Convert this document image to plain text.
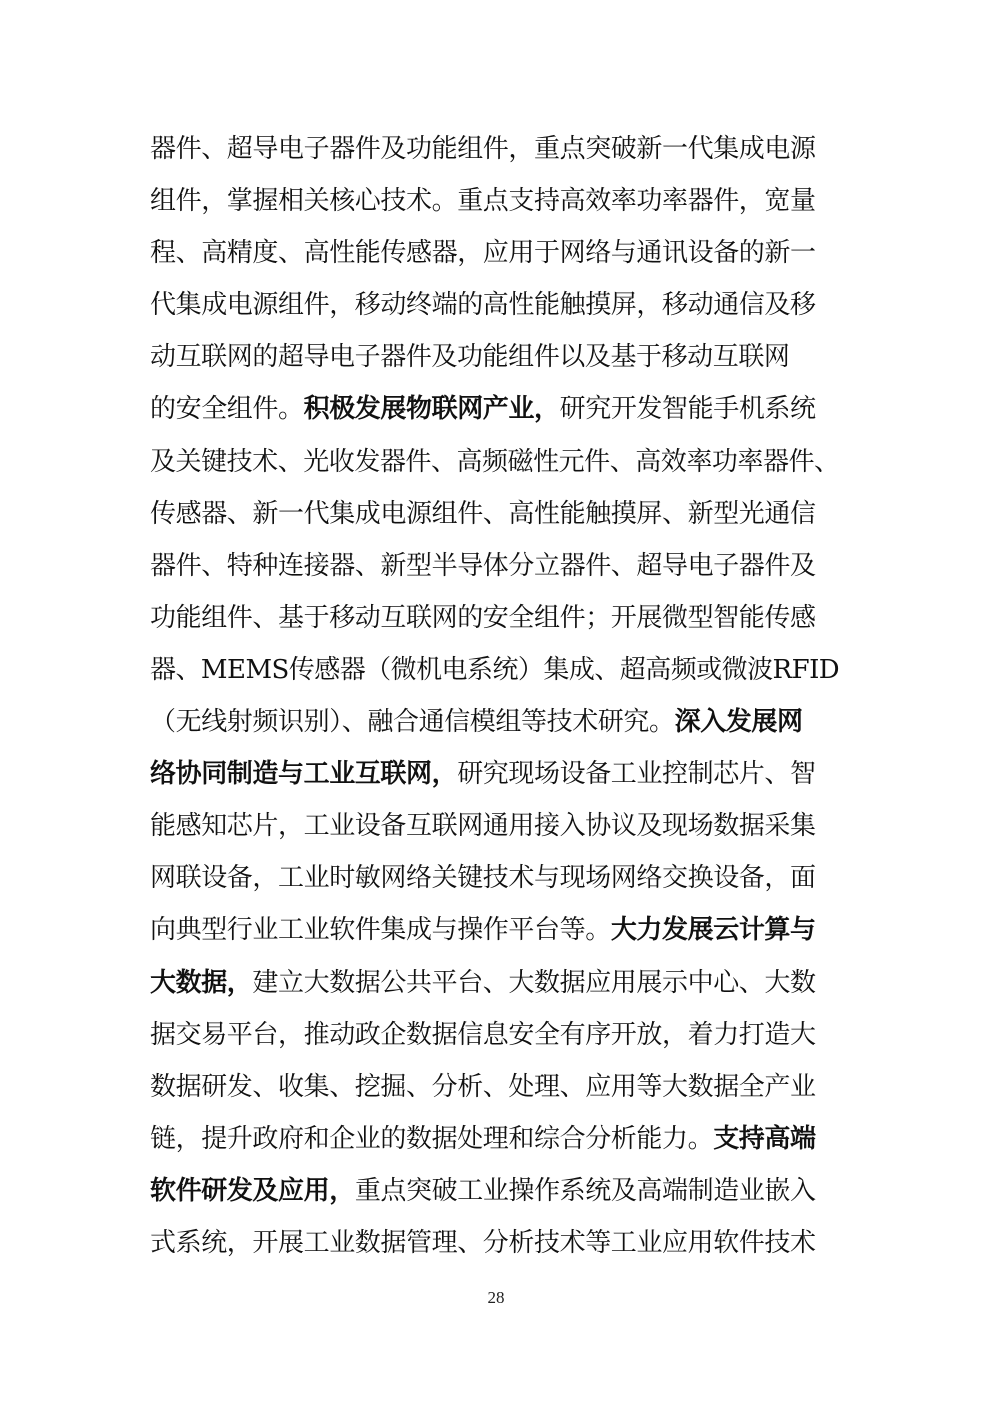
器件、超导电子器件及功能组件，重点突破新一代集成电源
组件，掌握相关核心技术。重点支持高效率功率器件，宽量
程、高精度、高性能传感器，应用于网络与通讯设备的新一
代集成电源组件，移动终端的高性能触摸屏，移动通信及移
动互联网的超导电子器件及功能组件以及基于移动互联网
的安全组件。积极发展物联网产业，研究开发智能手机系统
及关键技术、光收发器件、高频磁性元件、高效率功率器件、
传感器、新一代集成电源组件、高性能触摸屏、新型光通信
器件、特种连接器、新型半导体分立器件、超导电子器件及
功能组件、基于移动互联网的安全组件；开展微型智能传感
器、MEMS传感器（微机电系统）集成、超高频或微波RFID
（无线射频识别）、融合通信模组等技术研究。深入发展网
络协同制造与工业互联网，研究现场设备工业控制芯片、智
能感知芯片，工业设备互联网通用接入协议及现场数据采集
网联设备，工业时敏网络关键技术与现场网络交换设备，面
向典型行业工业软件集成与操作平台等。大力发展云计算与
大数据，建立大数据公共平台、大数据应用展示中心、大数
据交易平台，推动政企数据信息安全有序开放，着力打造大
数据研发、收集、挖掘、分析、处理、应用等大数据全产业
链，提升政府和企业的数据处理和综合分析能力。支持高端
软件研发及应用，重点突破工业操作系统及高端制造业嵌入
式系统，开展工业数据管理、分析技术等工业应用软件技术
28
